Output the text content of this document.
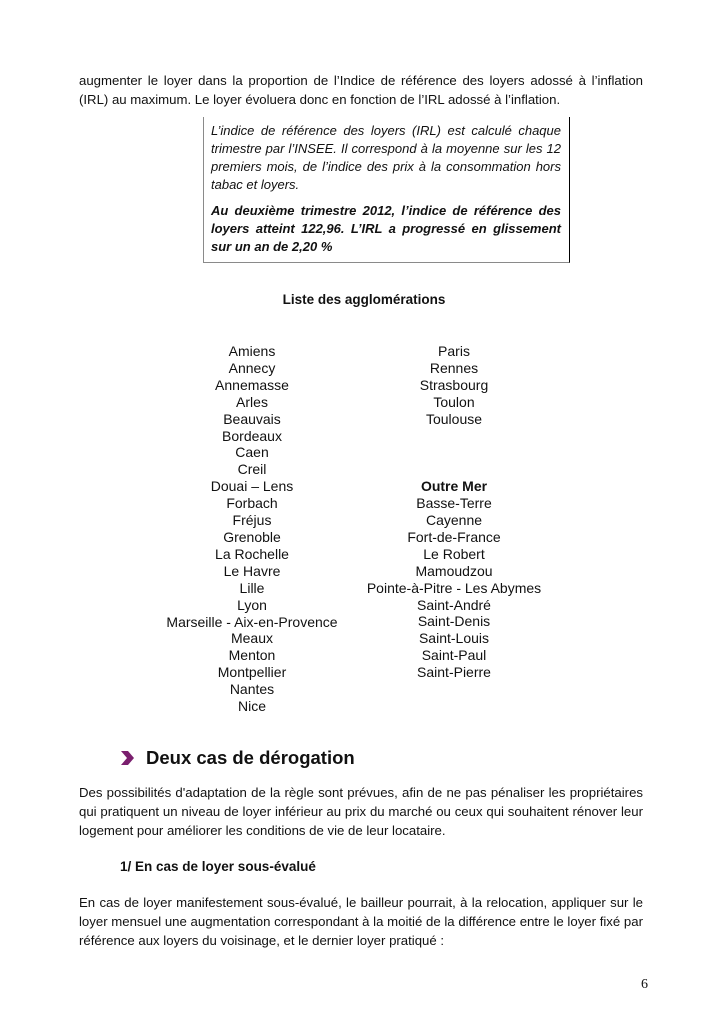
augmenter le loyer dans la proportion de l’Indice de référence des loyers adossé à l’inflation (IRL) au maximum. Le loyer évoluera donc en fonction de l’IRL adossé à l’inflation.

L’indice de référence des loyers (IRL) est calculé chaque trimestre par l’INSEE. Il correspond à la moyenne sur les 12 premiers mois, de l’indice des prix à la consommation hors tabac et loyers.

Au deuxième trimestre 2012, l’indice de référence des loyers atteint 122,96. L’IRL a progressé en glissement sur un an de 2,20 %

Liste des agglomérations
Amiens
Annecy
Annemasse
Arles
Beauvais
Bordeaux
Caen
Creil
Douai – Lens
Forbach
Fréjus
Grenoble
La Rochelle
Le Havre
Lille
Lyon
Marseille - Aix-en-Provence
Meaux
Menton
Montpellier
Nantes
Nice
Paris
Rennes
Strasbourg
Toulon
Toulouse
Outre Mer
Basse-Terre
Cayenne
Fort-de-France
Le Robert
Mamoudzou
Pointe-à-Pitre - Les Abymes
Saint-André
Saint-Denis
Saint-Louis
Saint-Paul
Saint-Pierre
Deux cas de dérogation

Des possibilités d'adaptation de la règle sont prévues, afin de ne pas pénaliser les propriétaires qui pratiquent un niveau de loyer inférieur au prix du marché ou ceux qui souhaitent rénover leur logement pour améliorer les conditions de vie de leur locataire.

1/ En cas de loyer sous-évalué

En cas de loyer manifestement sous-évalué, le bailleur pourrait, à la relocation, appliquer sur le loyer mensuel une augmentation correspondant à la moitié de la différence entre le loyer fixé par référence aux loyers du voisinage, et le dernier loyer pratiqué :

6
